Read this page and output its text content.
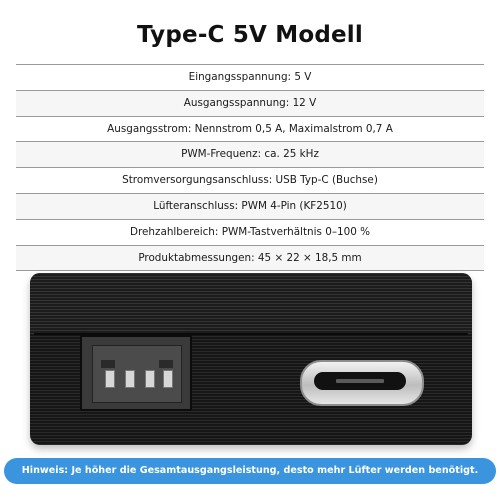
Type-C 5V Modell
Eingangsspannung: 5 V
Ausgangsspannung: 12 V
Ausgangsstrom: Nennstrom 0,5 A, Maximalstrom 0,7 A
PWM-Frequenz: ca. 25 kHz
Stromversorgungsanschluss: USB Typ-C (Buchse)
Lüfteranschluss: PWM 4-Pin (KF2510)
Drehzahlbereich: PWM-Tastverhältnis 0–100 %
Produktabmessungen: 45 × 22 × 18,5 mm
Hinweis: Je höher die Gesamtausgangsleistung, desto mehr Lüfter werden benötigt.
